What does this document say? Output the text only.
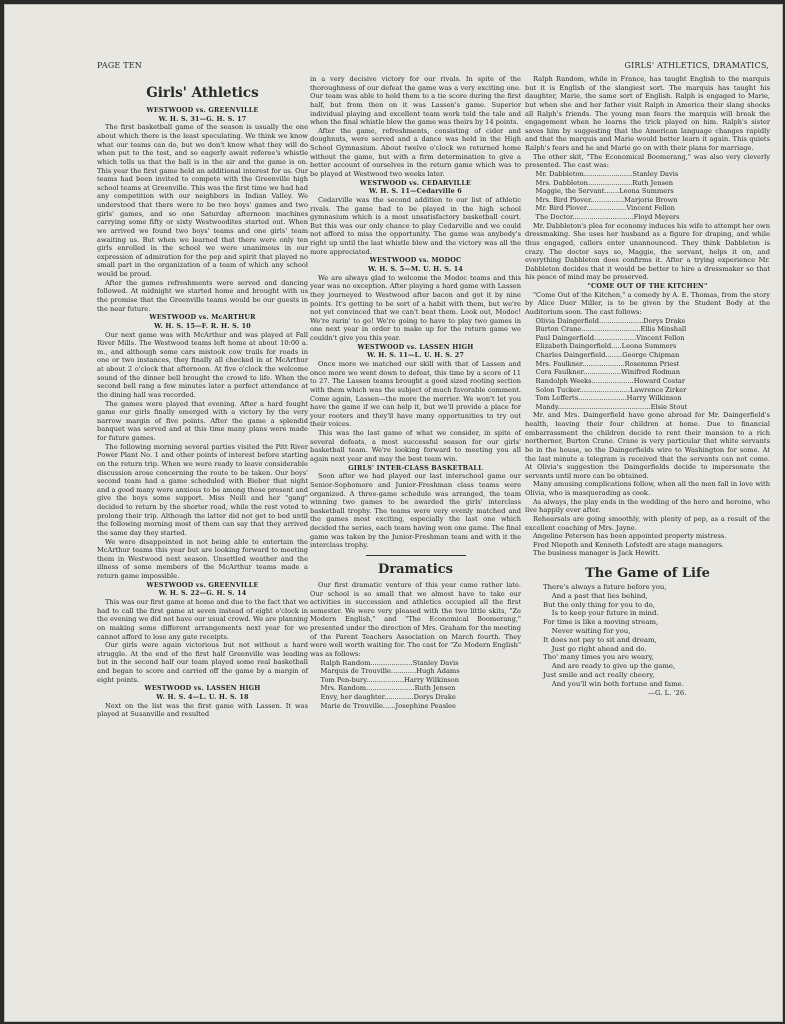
PAGE TEN	GIRLS' ATHLETICS, DRAMATICS,
Girls' Athletics
WESTWOOD vs. GREENVILLE
W. H. S. 31—G. H. S. 17
The first basketball game of the season is usually the one about which there is the least speculating. We think we know what our teams can do, but we don't know what they will do when put to the test, and so eagerly await referee's whistle which tells us that the ball is in the air and the game is on. This year the first game held an additional interest for us. Our teams had been invited to compete with the Greenville high school teams at Greenville. This was the first time we had had any competition with our neighbors in Indian Valley. We understood that there were to be two boys' games and two girls' games, and so one Saturday afternoon machines carrying some fifty or sixty Westwoodites started out. When we arrived we found two boys' teams and one girls' team awaiting us. But when we learned that there were only ten girls enrolled in the school we were unanimous in our expression of admiration for the pep and spirit that played no small part in the organization of a team of which any school would be proud.
After the games refreshments were served and dancing followed. At midnight we started home and brought with us the promise that the Greenville teams would be our guests in the near future.
WESTWOOD vs. McARTHUR
W. H. S. 15—F. R. H. S. 10
Our next game was with McArthur and was played at Fall River Mills. The Westwood teams left home at about 10:00 a. m., and although some cars mistook cow trails for roads in one or two instances, they finally all checked in at McArthur at about 2 o'clock that afternoon. At five o'clock the welcome sound of the dinner bell brought the crowd to life. When the second bell rang a few minutes later a perfect attendance at the dining hall was recorded.
The games were played that evening. After a hard fought game our girls finally emerged with a victory by the very narrow margin of five points. After the game a splendid banquet was served and at this time many plans were made for future games.
The following morning several parties visited the Pitt River Power Plant No. 1 and other points of interest before starting on the return trip. When we were ready to leave considerable discussion arose concerning the route to be taken. Our boys' second team had a game scheduled with Bieber that night and a good many were anxious to be among those present and give the boys some support. Miss Neill and her "gang" decided to return by the shorter road, while the rest voted to prolong their trip. Although the latter did not get to bed until the following morning most of them can say that they arrived the same day they started.
We were disappointed in not being able to entertain the McArthur teams this year but are looking forward to meeting them in Westwood next season. Unsettled weather and the illness of some members of the McArthur teams made a return game impossible.
WESTWOOD vs. GREENVILLE
W. H. S. 22—G. H. S. 14
This was our first game at home and due to the fact that we had to call the first game at seven instead of eight o'clock in the evening we did not have our usual crowd. We are planning on making some different arrangements next year for we cannot afford to lose any gate receipts.
Our girls were again victorious but not without a hard struggle. At the end of the first half Greenville was leading but in the second half our team played some real basketball and began to score and carried off the game by a margin of eight points.
WESTWOOD vs. LASSEN HIGH
W. H. S. 4—L. U. H. S. 18
Next on the list was the first game with Lassen. It was played at Susanville and resulted
in a very decisive victory for our rivals. In spite of the thoroughness of our defeat the game was a very exciting one. Our team was able to hold them to a tie score during the first half, but from then on it was Lassen's game. Superior individual playing and excellent team work told the tale and when the final whistle blew the game was theirs by 14 points.
After the game, refreshments, consisting of cider and doughnuts, were served and a dance was held in the High School Gymnasium. About twelve o'clock we returned home without the game, but with a firm determination to give a better account of ourselves in the return game which was to be played at Westwood two weeks later.
WESTWOOD vs. CEDARVILLE
W. H. S. 11—Cedarville 6
Cedarville was the second addition to our list of athletic rivals. The game had to be played in the high school gymnasium which is a most unsatisfactory basketball court. But this was our only chance to play Cedarville and we could not afford to miss the opportunity. The game was anybody's right up until the last whistle blew and the victory was all the more appreciated.
WESTWOOD vs. MODOC
W. H. S. 5—M. U. H. S. 14
We are always glad to welcome the Modoc teams and this year was no exception. After playing a hard game with Lassen they journeyed to Westwood after bacon and got it by nine points. It's getting to be sort of a habit with them, but we're not yet convinced that we can't beat them. Look out, Modoc! We're rarin' to go! We're going to have to play two games in one next year in order to make up for the return game we couldn't give you this year.
WESTWOOD vs. LASSEN HIGH
W. H. S. 11—L. U. H. S. 27
Once more we matched our skill with that of Lassen and once more we went down to defeat, this time by a score of 11 to 27. The Lassen teams brought a good sized rooting section with them which was the subject of much favorable comment. Come again, Lassen—the more the merrier. We won't let you have the game if we can help it, but we'll provide a place for your rooters and they'll have many opportunities to try out their voices.
This was the last game of what we consider, in spite of several defeats, a most successful season for our girls' basketball team. We're looking forward to meeting you all again next year and may the best team win.
GIRLS' INTER-CLASS BASKETBALL
Soon after we had played our last interschool game our Senior-Sophomore and Junior-Freshman class teams were organized. A three-game schedule was arranged, the team winning two games to be awarded the girls' interclass basketball trophy. The teams were very evenly matched and the games most exciting, especially the last one which decided the series, each team having won one game. The final game was taken by the Junior-Freshman team and with it the interclass trophy.
Dramatics
Our first dramatic venture of this year came rather late. Our school is so small that we almost have to take our activities in succession and athletics occupied all the first semester. We were very pleased with the two little skits, "Ze Modern English," and "The Economical Boomerang," presented under the direction of Mrs. Graham for the meeting of the Parent Teachers Association on March fourth. They were well worth waiting for. The cast for "Ze Modern English" was as follows:
Ralph Random....................Stanley Davis
Marquis de Trouville............Hugh Adams
Tom Pen-bury..................Harry Wilkinson
Mrs. Random.......................Ruth Jensen
Envy, her daughter..............Dorys Drake
Marie de Trouville......Josephine Peaslee
Ralph Random, while in France, has taught English to the marquis but it is English of the slangiest sort. The marquis has taught his daughter, Marie, the same sort of English. Ralph is engaged to Marie, but when she and her father visit Ralph in America their slang shocks all Ralph's friends. The young man fears the marquis will break the engagement when he learns the trick played on him. Ralph's sister saves him by suggesting that the American language changes rapidly and that the marquis and Marie would better learn it again. This quiets Ralph's fears and he and Marie go on with their plans for marriage.
The other skit, "The Economical Boomerang," was also very cleverly presented. The cast was:
Mr. Dabbleton.......................Stanley Davis
Mrs. Dabbleton.....................Ruth Jensen
Maggie, the Servant.......Leona Summers
Mrs. Bird Plover................Marjorie Brown
Mr. Bird Plover...................Vincent Fellon
The Doctor.............................Floyd Meyers
Mr. Dabbleton's plea for economy induces his wife to attempt her own dressmaking. She uses her husband as a figure for draping, and while thus engaged, callers enter unannounced. They think Dabbleton is crazy. The doctor says so, Maggie, the servant, helps it on, and everything Dabbleton does confirms it. After a trying experience Mr. Dabbleton decides that it would be better to hire a dressmaker so that his peace of mind may be preserved.
"COME OUT OF THE KITCHEN"
"Come Out of the Kitchen," a comedy by A. E. Thomas, from the story by Alice Duer Miller, is to be given by the Student Body at the Auditorium soon. The cast follows:
Olivia Daingerfield.....................Dorys Drake
Burton Crane............................Ellis Minshall
Paul Daingerfield....................Vincent Fellon
Elizabeth Daingerfield.....Leona Summers
Charles Daingerfield........George Chipman
Mrs. Faulkner....................Rosemma Priest
Cora Faulkner..................Winifred Rodman
Randolph Weeks....................Howard Costar
Solon Tucker........................Lawrence Zirker
Tom Lefferts.......................Harry Wilkinson
Mandy............................................Elsie Stout
Mr. and Mrs. Daingerfield have gone abroad for Mr. Daingerfield's health, leaving their four children at home. Due to financial embarrassment the children decide to rent their mansion to a rich northerner, Burton Crane. Crane is very particular that white servants be in the house, so the Daingerfields wire to Washington for some. At the last minute a telegram is received that the servants can not come. At Olivia's suggestion the Daingerfields decide to impersonate the servants until more can be obtained.
Many amusing complications follow, when all the men fall in love with Olivia, who is masquerading as cook.
As always, the play ends in the wedding of the hero and heroine, who live happily ever after.
Rehearsals are going smoothly, with plenty of pep, as a result of the excellent coaching of Mrs. Jayne.
Angeline Peterson has been appointed property mistress.
Fred Nlepoth and Kenneth Lofstedt are stage managers.
The business manager is Jack Hewitt.
The Game of Life
There's always a future before you,
And a past that lies behind,
But the only thing for you to do,
Is to keep your future in mind.
For time is like a moving stream,
Never waiting for you,
It does not pay to sit and dream,
Just go right ahead and do.
Tho' many times you are weary,
And are ready to give up the game,
Just smile and act really cheery,
And you'll win both fortune and fame.
—G. L. '26.
